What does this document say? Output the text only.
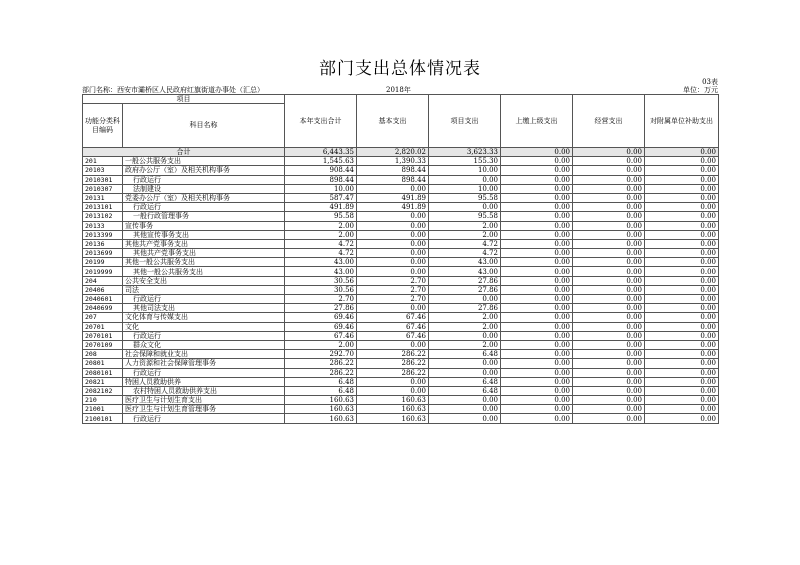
部门支出总体情况表
03表
部门名称：西安市灞桥区人民政府红旗街道办事处（汇总）	2018年	单位：万元
项目		本年支出合计	基本支出	项目支出	上缴上级支出	经营支出	对附属单位补助支出
功能分类科目编码	科目名称						
合计		6,443.35	2,820.02	3,623.33	0.00	0.00	0.00
201	一般公共服务支出	1,545.63	1,390.33	155.30	0.00	0.00	0.00
20103	政府办公厅（室）及相关机构事务	908.44	898.44	10.00	0.00	0.00	0.00
2010301	行政运行	898.44	898.44	0.00	0.00	0.00	0.00
2010307	法制建设	10.00	0.00	10.00	0.00	0.00	0.00
20131	党委办公厅（室）及相关机构事务	587.47	491.89	95.58	0.00	0.00	0.00
2013101	行政运行	491.89	491.89	0.00	0.00	0.00	0.00
2013102	一般行政管理事务	95.58	0.00	95.58	0.00	0.00	0.00
20133	宣传事务	2.00	0.00	2.00	0.00	0.00	0.00
2013399	其他宣传事务支出	2.00	0.00	2.00	0.00	0.00	0.00
20136	其他共产党事务支出	4.72	0.00	4.72	0.00	0.00	0.00
2013699	其他共产党事务支出	4.72	0.00	4.72	0.00	0.00	0.00
20199	其他一般公共服务支出	43.00	0.00	43.00	0.00	0.00	0.00
2019999	其他一般公共服务支出	43.00	0.00	43.00	0.00	0.00	0.00
204	公共安全支出	30.56	2.70	27.86	0.00	0.00	0.00
20406	司法	30.56	2.70	27.86	0.00	0.00	0.00
2040601	行政运行	2.70	2.70	0.00	0.00	0.00	0.00
2040699	其他司法支出	27.86	0.00	27.86	0.00	0.00	0.00
207	文化体育与传媒支出	69.46	67.46	2.00	0.00	0.00	0.00
20701	文化	69.46	67.46	2.00	0.00	0.00	0.00
2070101	行政运行	67.46	67.46	0.00	0.00	0.00	0.00
2070109	群众文化	2.00	0.00	2.00	0.00	0.00	0.00
208	社会保障和就业支出	292.70	286.22	6.48	0.00	0.00	0.00
20801	人力资源和社会保障管理事务	286.22	286.22	0.00	0.00	0.00	0.00
2080101	行政运行	286.22	286.22	0.00	0.00	0.00	0.00
20821	特困人员救助供养	6.48	0.00	6.48	0.00	0.00	0.00
2082102	农村特困人员救助供养支出	6.48	0.00	6.48	0.00	0.00	0.00
210	医疗卫生与计划生育支出	160.63	160.63	0.00	0.00	0.00	0.00
21001	医疗卫生与计划生育管理事务	160.63	160.63	0.00	0.00	0.00	0.00
2100101	行政运行	160.63	160.63	0.00	0.00	0.00	0.00
